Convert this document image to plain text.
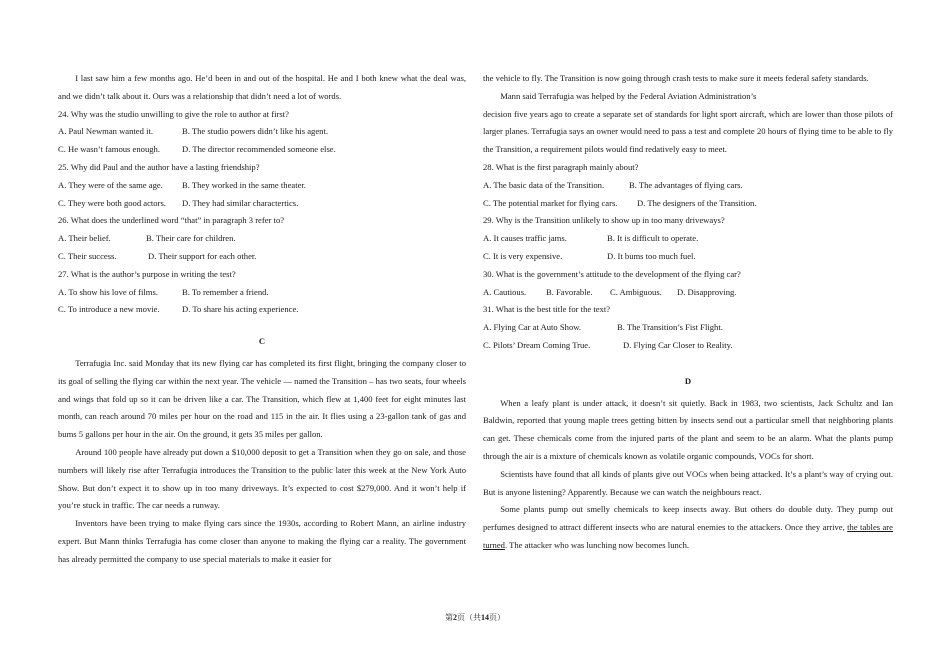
I last saw him a few months ago. He’d been in and out of the hospital. He and I both knew what the deal was, and we didn’t talk about it. Ours was a relationship that didn’t need a lot of words.

24. Why was the studio unwilling to give the role to author at first?

A. Paul Newman wanted it.	B. The studio powers didn’t like his agent.

C. He wasn’t famous enough.	D. The director recommended someone else.

25. Why did Paul and the author have a lasting friendship?

A. They were of the same age. B. They worked in the same theater.

C. They were both good actors. D. They had similar charactertics.

26. What does the underlined word “that” in paragraph 3 refer to?

A. Their belief.	B. Their care for children.

C. Their success.	D. Their support for each other.

27. What is the author’s purpose in writing the test?

A. To show his love of films.	B. To remember a friend.

C. To introduce a new movie.	D. To share his acting experience.

C

Terrafugia Inc. said Monday that its new flying car has completed its first flight, bringing the company closer to its goal of selling the flying car within the next year. The vehicle — named the Transition – has two seats, four wheels and wings that fold up so it can be driven like a car. The Transition, which flew at 1,400 feet for eight minutes last month, can reach around 70 miles per hour on the road and 115 in the air. It flies using a 23-gallon tank of gas and bums 5 gallons per hour in the air. On the ground, it gets 35 miles per gallon.

Around 100 people have already put down a $10,000 deposit to get a Transition when they go on sale, and those numbers will likely rise after Terrafugia introduces the Transition to the public later this week at the New York Auto Show. But don’t expect it to show up in too many driveways. It’s expected to cost $279,000. And it won’t help if you’re stuck in traffic. The car needs a runway.

Inventors have been trying to make flying cars since the 1930s, according to Robert Mann, an airline industry expert. But Mann thinks Terrafugia has come closer than anyone to making the flying car a reality. The government has already permitted the company to use special materials to make it easier for

the vehicle to fly. The Transition is now going through crash tests to make sure it meets federal safety standards.

Mann said Terrafugia was helped by the Federal Aviation Administration’s

decision five years ago to create a separate set of standards for light sport aircraft, which are lower than those pilots of larger planes. Terrafugia says an owner would need to pass a test and complete 20 hours of flying time to be able to fly the Transition, a requirement pilots would find redatively easy to meet.

28. What is the first paragraph mainly about?

A. The basic data of the Transition.	B. The advantages of flying cars.

C. The potential market for flying cars. D. The designers of the Transition.

29. Why is the Transition unlikely to show up in too many driveways?

A. It causes traffic jams.	B. It is difficult to operate.

C. It is very expensive.	D. It bums too much fuel.

30. What is the government’s attitude to the development of the flying car?

A. Cautious. B. Favorable. C. Ambiguous. D. Disapproving.

31. What is the best title for the text?

A. Flying Car at Auto Show.	B. The Transition’s Fist Flight.

C. Pilots’ Dream Coming True.	D. Flying Car Closer to Reality.

D

When a leafy plant is under attack, it doesn’t sit quietly. Back in 1983, two scientists, Jack Schultz and Ian Baldwin, reported that young maple trees getting bitten by insects send out a particular smell that neighboring plants can get. These chemicals come from the injured parts of the plant and seem to be an alarm. What the plants pump through the air is a mixture of chemicals known as volatile organic compounds, VOCs for short.

Scientists have found that all kinds of plants give out VOCs when being attacked. It’s a plant’s way of crying out. But is anyone listening? Apparently. Because we can watch the neighbours react.

Some plants pump out smelly chemicals to keep insects away. But others do double duty. They pump out perfumes designed to attract different insects who are natural enemies to the attackers. Once they arrive, the tables are turned. The attacker who was lunching now becomes lunch.

第2页（共14页）
